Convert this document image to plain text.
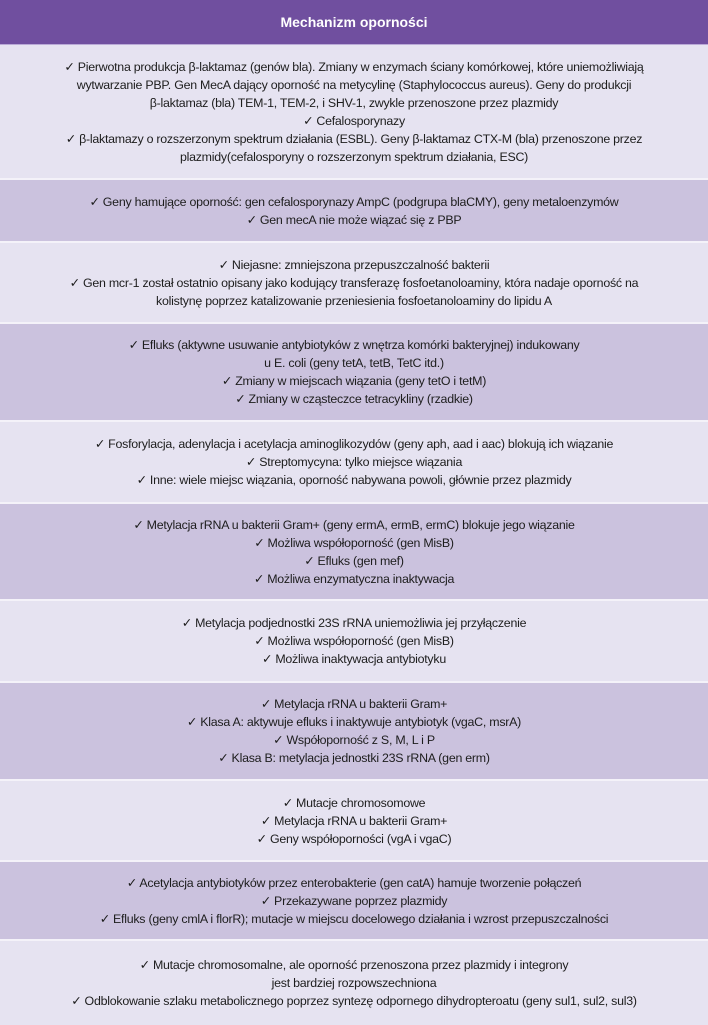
Mechanizm oporności
✓ Pierwotna produkcja β-laktamaz (genów bla). Zmiany w enzymach ściany komórkowej, które uniemożliwiają
wytwarzanie PBP. Gen MecA dający oporność na metycylinę (Staphylococcus aureus). Geny do produkcji
β-laktamaz (bla) TEM-1, TEM-2, i SHV-1, zwykle przenoszone przez plazmidy
✓ Cefalosporynazy
✓ β-laktamazy o rozszerzonym spektrum działania (ESBL). Geny β-laktamaz CTX-M (bla) przenoszone przez
plazmidy(cefalosporyny o rozszerzonym spektrum działania, ESC)
✓ Geny hamujące oporność: gen cefalosporynazy AmpC (podgrupa blaCMY), geny metaloenzymów
✓ Gen mecA nie może wiązać się z PBP
✓ Niejasne: zmniejszona przepuszczalność bakterii
✓ Gen mcr-1 został ostatnio opisany jako kodujący transferazę fosfoetanoloaminy, która nadaje oporność na
kolistynę poprzez katalizowanie przeniesienia fosfoetanoloaminy do lipidu A
✓ Efluks (aktywne usuwanie antybiotyków z wnętrza komórki bakteryjnej) indukowany
u E. coli (geny tetA, tetB, TetC itd.)
✓ Zmiany w miejscach wiązania (geny tetO i tetM)
✓ Zmiany w cząsteczce tetracykliny (rzadkie)
✓ Fosforylacja, adenylacja i acetylacja aminoglikozydów (geny aph, aad i aac) blokują ich wiązanie
✓ Streptomycyna: tylko miejsce wiązania
✓ Inne: wiele miejsc wiązania, oporność nabywana powoli, głównie przez plazmidy
✓ Metylacja rRNA u bakterii Gram+ (geny ermA, ermB, ermC) blokuje jego wiązanie
✓ Możliwa współoporność (gen MisB)
✓ Efluks (gen mef)
✓ Możliwa enzymatyczna inaktywacja
✓ Metylacja podjednostki 23S rRNA uniemożliwia jej przyłączenie
✓ Możliwa współoporność (gen MisB)
✓ Możliwa inaktywacja antybiotyku
✓ Metylacja rRNA u bakterii Gram+
✓ Klasa A: aktywuje efluks i inaktywuje antybiotyk (vgaC, msrA)
✓ Współoporność z S, M, L i P
✓ Klasa B: metylacja jednostki 23S rRNA (gen erm)
✓ Mutacje chromosomowe
✓ Metylacja rRNA u bakterii Gram+
✓ Geny współoporności (vgA i vgaC)
✓ Acetylacja antybiotyków przez enterobakterie (gen catA) hamuje tworzenie połączeń
✓ Przekazywane poprzez plazmidy
✓ Efluks (geny cmlA i florR); mutacje w miejscu docelowego działania i wzrost przepuszczalności
✓ Mutacje chromosomalne, ale oporność przenoszona przez plazmidy i integrony
jest bardziej rozpowszechniona
✓ Odblokowanie szlaku metabolicznego poprzez syntezę odpornego dihydropteroatu (geny sul1, sul2, sul3)
